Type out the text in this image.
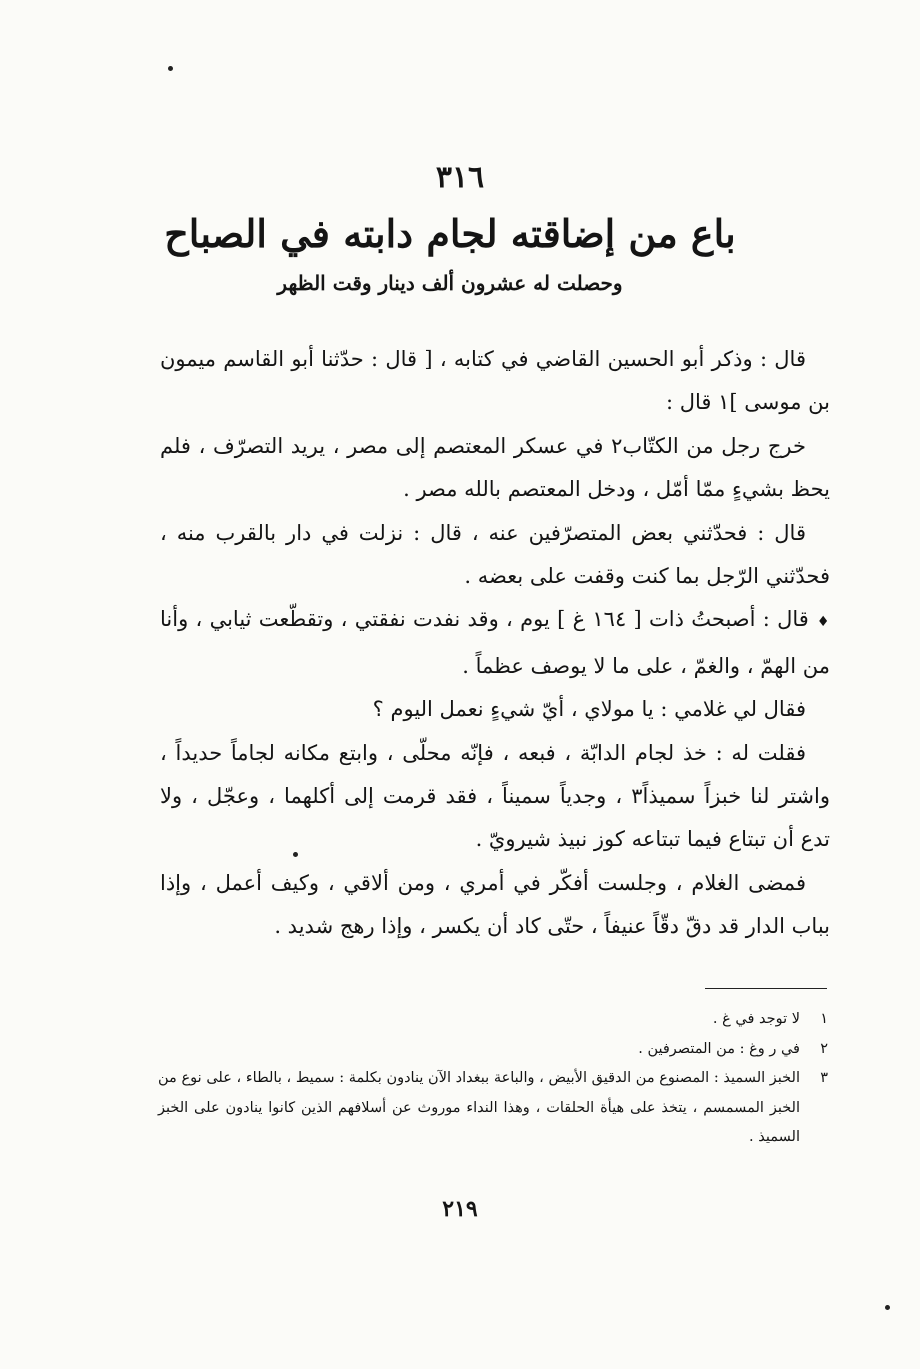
٣١٦
باع من إضاقته لجام دابته في الصباح
وحصلت له عشرون ألف دينار وقت الظهر

قال : وذكر أبو الحسين القاضي في كتابه ، [ قال : حدّثنا أبو القاسم ميمون بن موسى ]١ قال :

خرج رجل من الكتّاب٢ في عسكر المعتصم إلى مصر ، يريد التصرّف ، فلم يحظ بشيءٍ ممّا أمّل ، ودخل المعتصم بالله مصر .

قال : فحدّثني بعض المتصرّفين عنه ، قال : نزلت في دار بالقرب منه ، فحدّثني الرّجل بما كنت وقفت على بعضه .

♦قال : أصبحتُ ذات [ ١٦٤ غ ] يوم ، وقد نفدت نفقتي ، وتقطّعت ثيابي ، وأنا من الهمّ ، والغمّ ، على ما لا يوصف عظماً .

فقال لي غلامي : يا مولاي ، أيّ شيءٍ نعمل اليوم ؟

فقلت له : خذ لجام الدابّة ، فبعه ، فإنّه محلّى ، وابتع مكانه لجاماً حديداً ، واشتر لنا خبزاً سميذاً٣ ، وجدياً سميناً ، فقد قرمت إلى أكلهما ، وعجّل ، ولا تدع أن تبتاع فيما تبتاعه كوز نبيذ شيرويّ .

فمضى الغلام ، وجلست أفكّر في أمري ، ومن ألاقي ، وكيف أعمل ، وإذا بباب الدار قد دقّ دقّاً عنيفاً ، حتّى كاد أن يكسر ، وإذا رهج شديد .

١
لا توجد في غ .
٢
في ر وغ : من المتصرفين .
٣
الخبز السميذ : المصنوع من الدقيق الأبيض ، والباعة ببغداد الآن ينادون بكلمة : سميط ، بالطاء ، على نوع من الخبز المسمسم ، يتخذ على هيأة الحلقات ، وهذا النداء موروث عن أسلافهم الذين كانوا ينادون على الخبز السميذ .
٢١٩
